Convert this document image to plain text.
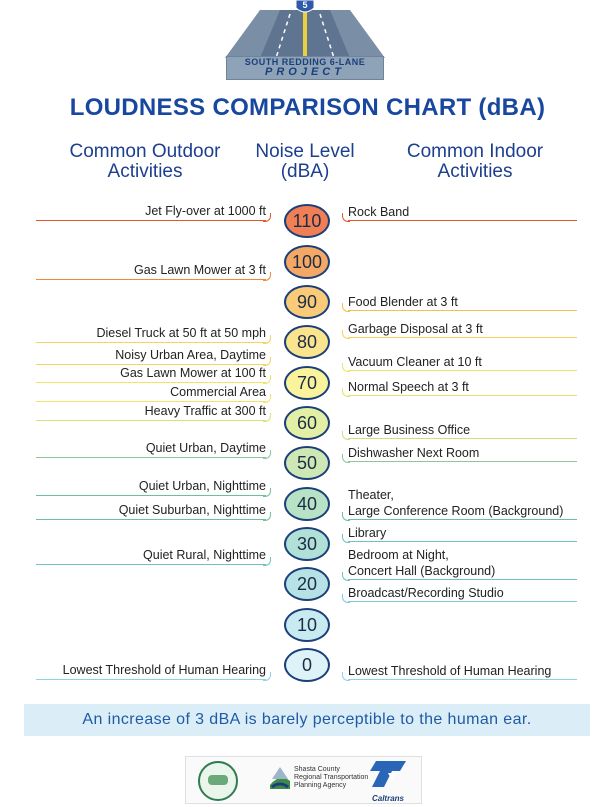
5
SOUTH REDDING 6-LANE
PROJECT
LOUDNESS COMPARISON CHART (dBA)
Common Outdoor
Activities
Noise Level
(dBA)
Common Indoor
Activities
110
100
90
80
70
60
50
40
30
20
10
0
Jet Fly-over at 1000 ft
Gas Lawn Mower at 3 ft
Diesel Truck at 50 ft at 50 mph
Noisy Urban Area, Daytime
Gas Lawn Mower at 100 ft
Commercial Area
Heavy Traffic at 300 ft
Quiet Urban, Daytime
Quiet Urban, Nighttime
Quiet Suburban, Nighttime
Quiet Rural, Nighttime
Lowest Threshold of Human Hearing
Rock Band
Food Blender at 3 ft
Garbage Disposal at 3 ft
Vacuum Cleaner at 10 ft
Normal Speech at 3 ft
Large Business Office
Dishwasher Next Room
Theater,
Large Conference Room (Background)
Library
Bedroom at Night,
Concert Hall (Background)
Broadcast/Recording Studio
Lowest Threshold of Human Hearing
An increase of 3 dBA is barely perceptible to the human ear.
Shasta County
Regional Transportation
Planning Agency
Caltrans
